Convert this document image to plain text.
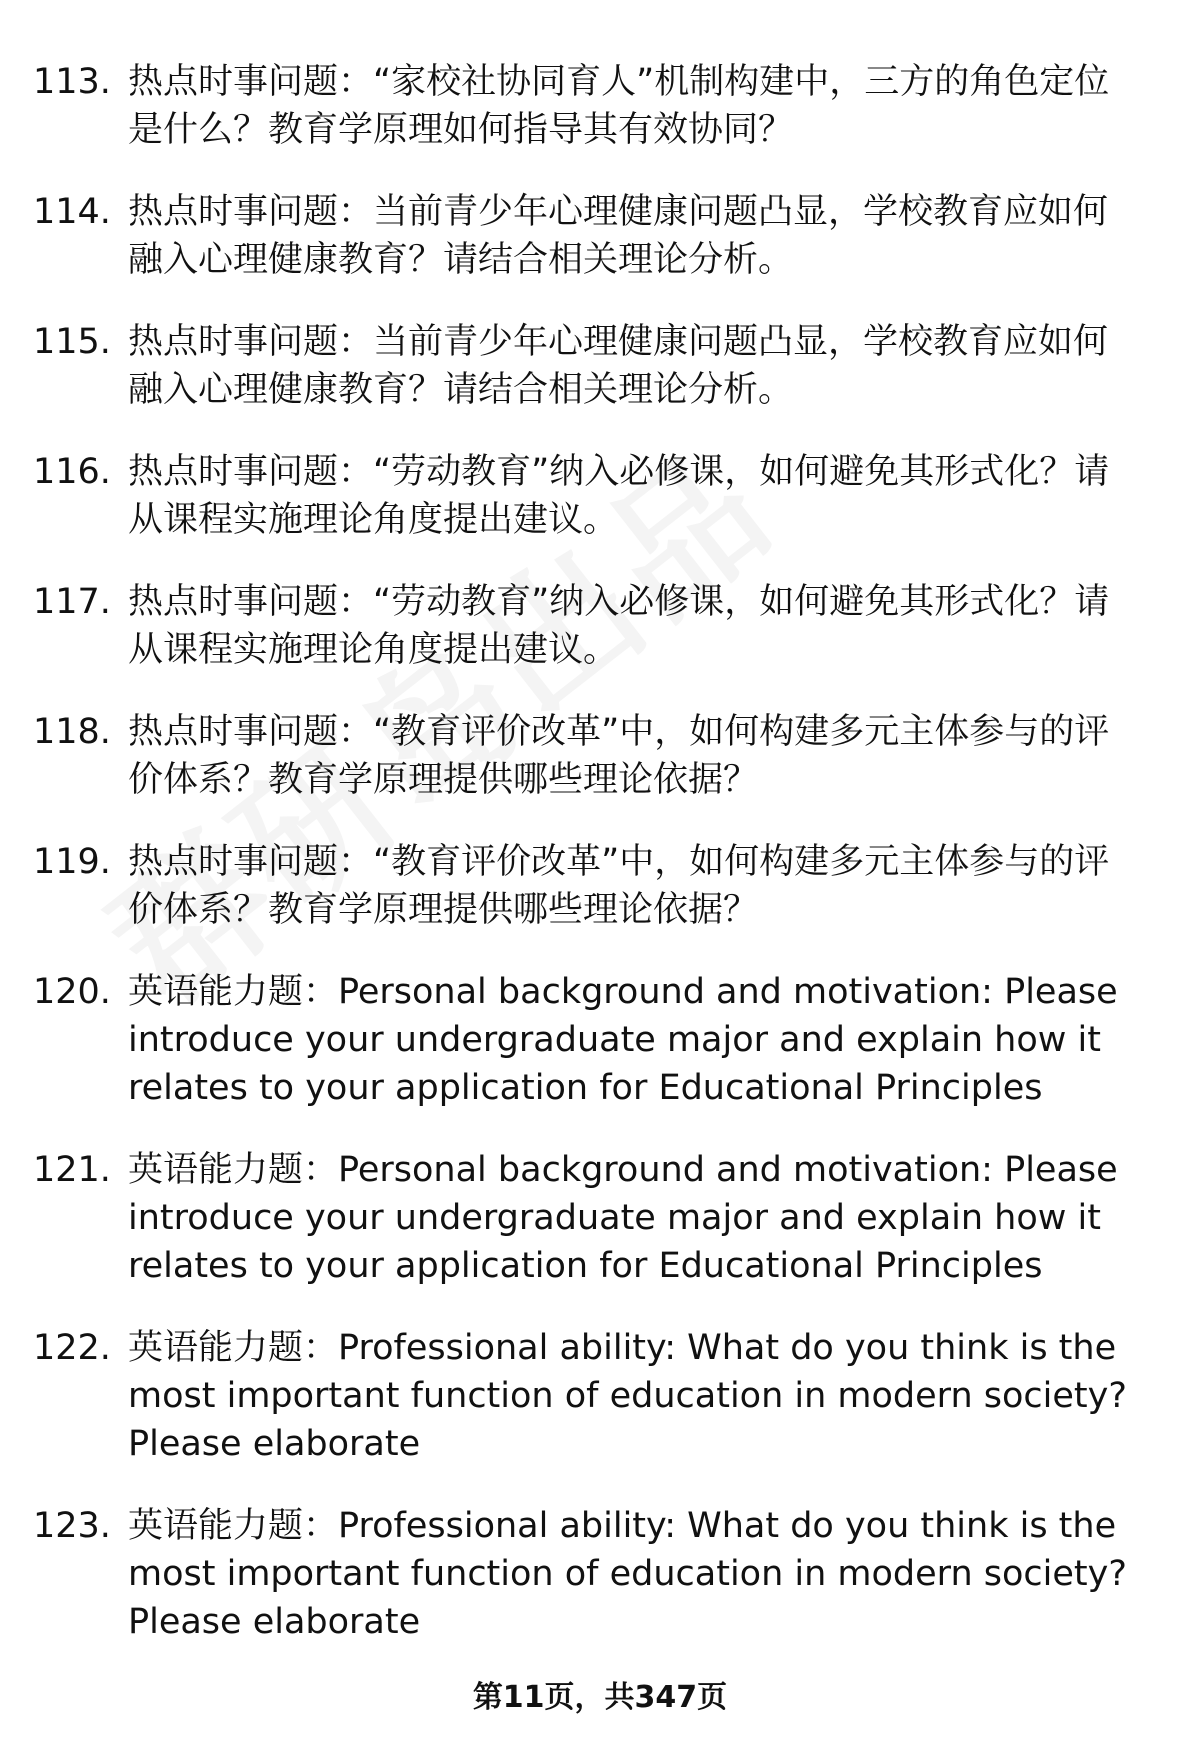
113. 热点时事问题：“家校社协同育人”机制构建中，三方的角色定位是什么？教育学原理如何指导其有效协同？
114. 热点时事问题：当前青少年心理健康问题凸显，学校教育应如何融入心理健康教育？请结合相关理论分析。
115. 热点时事问题：当前青少年心理健康问题凸显，学校教育应如何融入心理健康教育？请结合相关理论分析。
116. 热点时事问题：“劳动教育”纳入必修课，如何避免其形式化？请从课程实施理论角度提出建议。
117. 热点时事问题：“劳动教育”纳入必修课，如何避免其形式化？请从课程实施理论角度提出建议。
118. 热点时事问题：“教育评价改革”中，如何构建多元主体参与的评价体系？教育学原理提供哪些理论依据？
119. 热点时事问题：“教育评价改革”中，如何构建多元主体参与的评价体系？教育学原理提供哪些理论依据？
120. 英语能力题：Personal background and motivation: Please introduce your undergraduate major and explain how it relates to your application for Educational Principles
121. 英语能力题：Personal background and motivation: Please introduce your undergraduate major and explain how it relates to your application for Educational Principles
122. 英语能力题：Professional ability: What do you think is the most important function of education in modern society? Please elaborate
123. 英语能力题：Professional ability: What do you think is the most important function of education in modern society? Please elaborate
第11页，共347页
